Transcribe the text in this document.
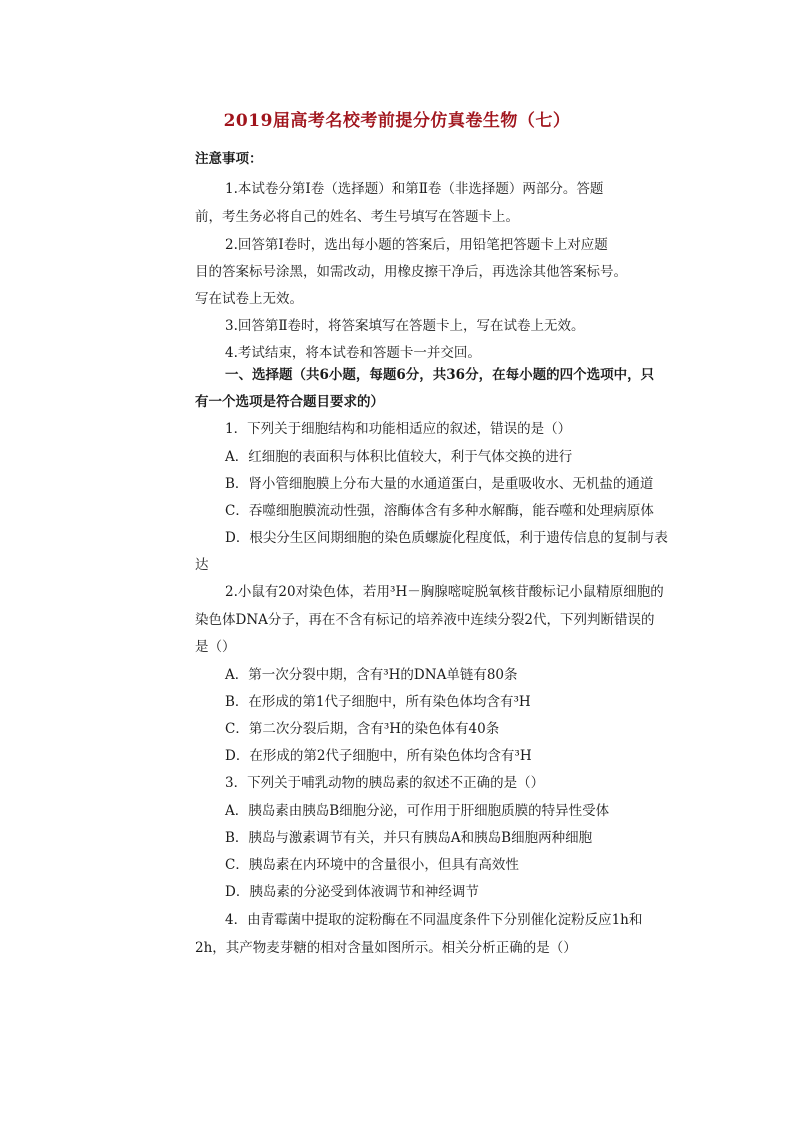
2019届高考名校考前提分仿真卷生物（七）
注意事项：
1.本试卷分第Ⅰ卷（选择题）和第Ⅱ卷（非选择题）两部分。答题
前，考生务必将自己的姓名、考生号填写在答题卡上。
2.回答第Ⅰ卷时，选出每小题的答案后，用铅笔把答题卡上对应题
目的答案标号涂黑，如需改动，用橡皮擦干净后，再选涂其他答案标号。
写在试卷上无效。
3.回答第Ⅱ卷时，将答案填写在答题卡上，写在试卷上无效。
4.考试结束，将本试卷和答题卡一并交回。
一、选择题（共6小题，每题6分，共36分，在每小题的四个选项中，只
有一个选项是符合题目要求的）
1．下列关于细胞结构和功能相适应的叙述，错误的是（）
A．红细胞的表面积与体积比值较大，利于气体交换的进行
B．肾小管细胞膜上分布大量的水通道蛋白，是重吸收水、无机盐的通道
C．吞噬细胞膜流动性强，溶酶体含有多种水解酶，能吞噬和处理病原体
D．根尖分生区间期细胞的染色质螺旋化程度低，利于遗传信息的复制与表
达
2.小鼠有20对染色体，若用³H－胸腺嘧啶脱氧核苷酸标记小鼠精原细胞的
染色体DNA分子，再在不含有标记的培养液中连续分裂2代，下列判断错误的
是（）
A．第一次分裂中期，含有³H的DNA单链有80条
B．在形成的第1代子细胞中，所有染色体均含有³H
C．第二次分裂后期，含有³H的染色体有40条
D．在形成的第2代子细胞中，所有染色体均含有³H
3．下列关于哺乳动物的胰岛素的叙述不正确的是（）
A．胰岛素由胰岛B细胞分泌，可作用于肝细胞质膜的特异性受体
B．胰岛与激素调节有关，并只有胰岛A和胰岛B细胞两种细胞
C．胰岛素在内环境中的含量很小，但具有高效性
D．胰岛素的分泌受到体液调节和神经调节
4．由青霉菌中提取的淀粉酶在不同温度条件下分别催化淀粉反应1h和
2h，其产物麦芽糖的相对含量如图所示。相关分析正确的是（）
